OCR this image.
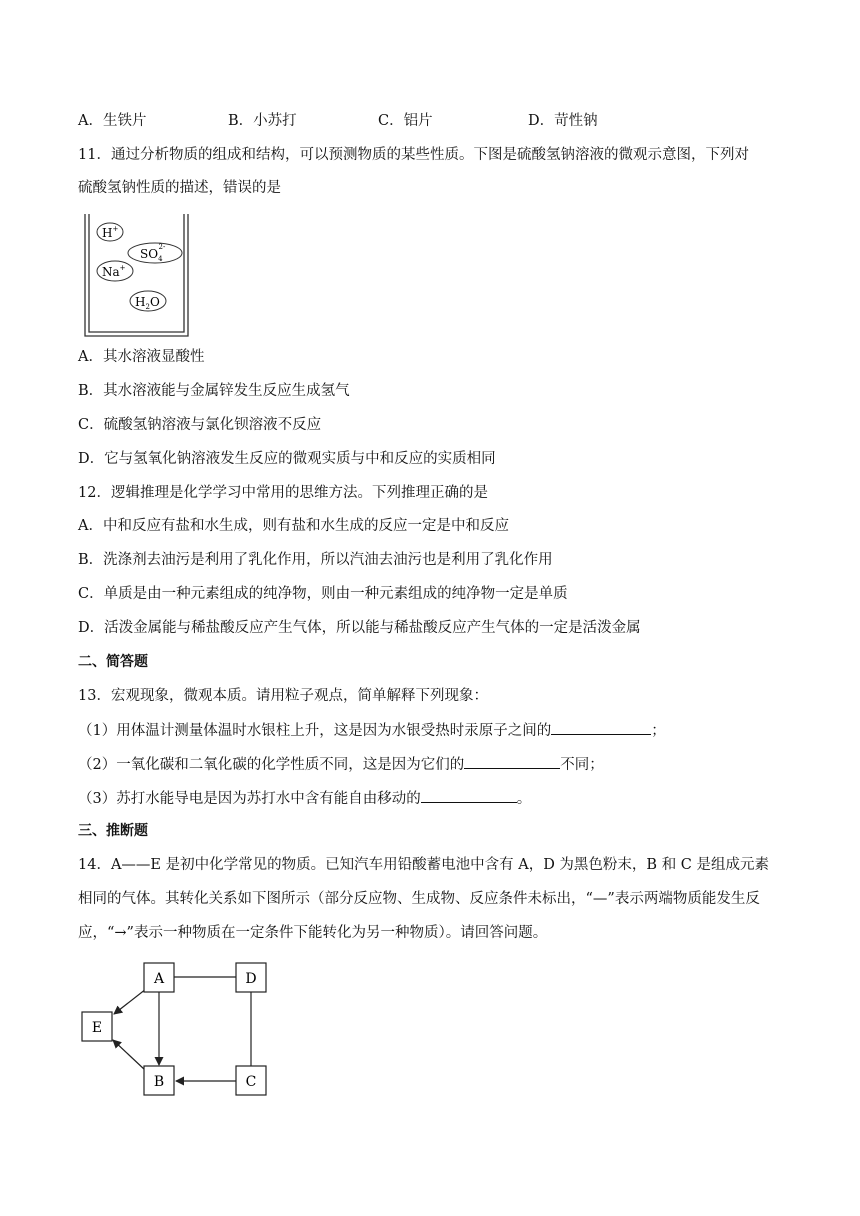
A．生铁片	B．小苏打	C．铝片	D．苛性钠
11．通过分析物质的组成和结构，可以预测物质的某些性质。下图是硫酸氢钠溶液的微观示意图，下列对
硫酸氢钠性质的描述，错误的是
H+
$SO_42-$
Na+
$H_2O$
A．其水溶液显酸性
B．其水溶液能与金属锌发生反应生成氢气
C．硫酸氢钠溶液与氯化钡溶液不反应
D．它与氢氧化钠溶液发生反应的微观实质与中和反应的实质相同
12．逻辑推理是化学学习中常用的思维方法。下列推理正确的是
A．中和反应有盐和水生成，则有盐和水生成的反应一定是中和反应
B．洗涤剂去油污是利用了乳化作用，所以汽油去油污也是利用了乳化作用
C．单质是由一种元素组成的纯净物，则由一种元素组成的纯净物一定是单质
D．活泼金属能与稀盐酸反应产生气体，所以能与稀盐酸反应产生气体的一定是活泼金属
二、简答题
13．宏观现象，微观本质。请用粒子观点，简单解释下列现象：
（1）用体温计测量体温时水银柱上升，这是因为水银受热时汞原子之间的	；
（2）一氧化碳和二氧化碳的化学性质不同，这是因为它们的	不同；
（3）苏打水能导电是因为苏打水中含有能自由移动的	。
三、推断题
14．A——E 是初中化学常见的物质。已知汽车用铅酸蓄电池中含有 A，D 为黑色粉末，B 和 C 是组成元素
相同的气体。其转化关系如下图所示（部分反应物、生成物、反应条件未标出，“—”表示两端物质能发生反
应，“→”表示一种物质在一定条件下能转化为另一种物质）。请回答问题。
A	D
E
B	C
